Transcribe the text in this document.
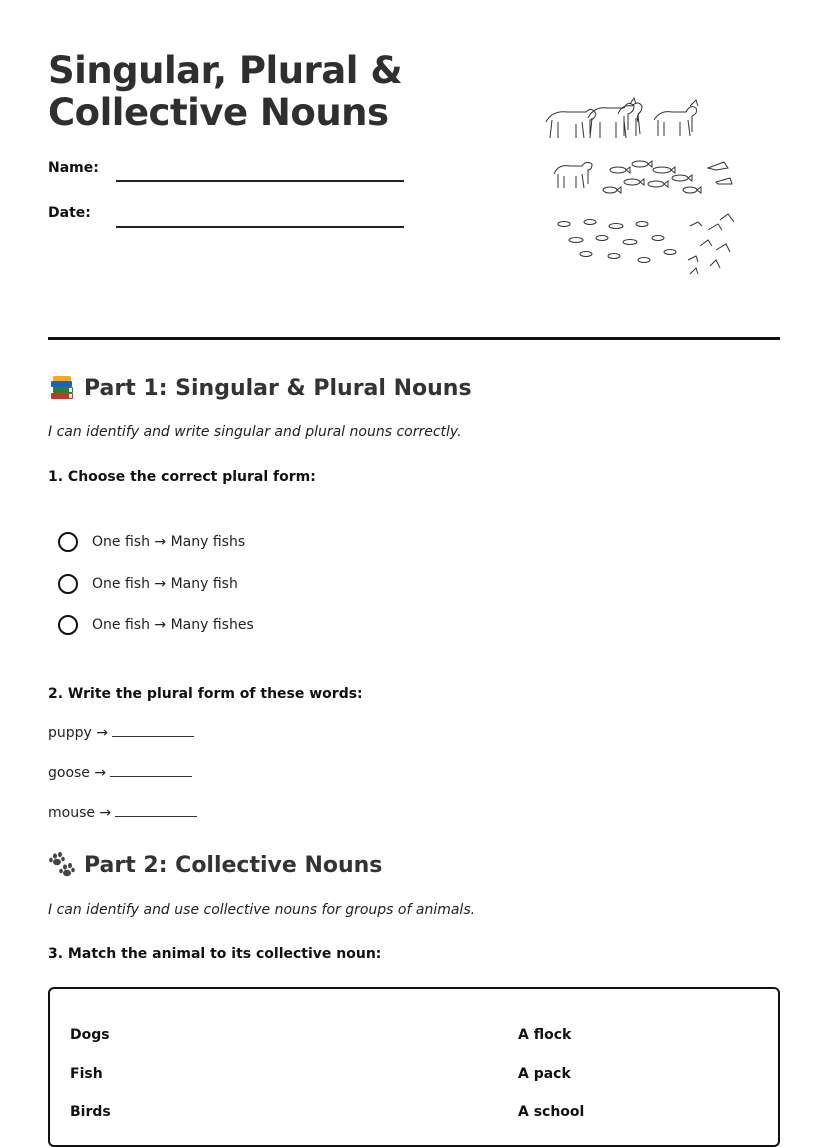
Singular, Plural &
Collective Nouns
Name:
Date:
Part 1: Singular & Plural Nouns
I can identify and write singular and plural nouns correctly.
1. Choose the correct plural form:
One fish → Many fishs
One fish → Many fish
One fish → Many fishes
2. Write the plural form of these words:
puppy →
goose →
mouse →
Part 2: Collective Nouns
I can identify and use collective nouns for groups of animals.
3. Match the animal to its collective noun:
Dogs
Fish
Birds
A flock
A pack
A school
